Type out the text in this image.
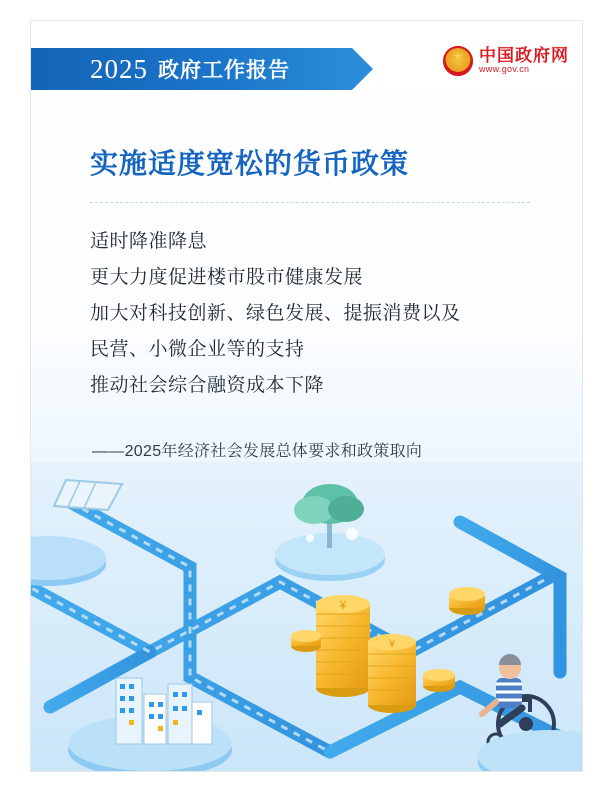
2025 政府工作报告
★
中国政府网
www.gov.cn
实施适度宽松的货币政策
适时降准降息
更大力度促进楼市股市健康发展
加大对科技创新、绿色发展、提振消费以及
民营、小微企业等的支持
推动社会综合融资成本下降
——2025年经济社会发展总体要求和政策取向
¥
¥
